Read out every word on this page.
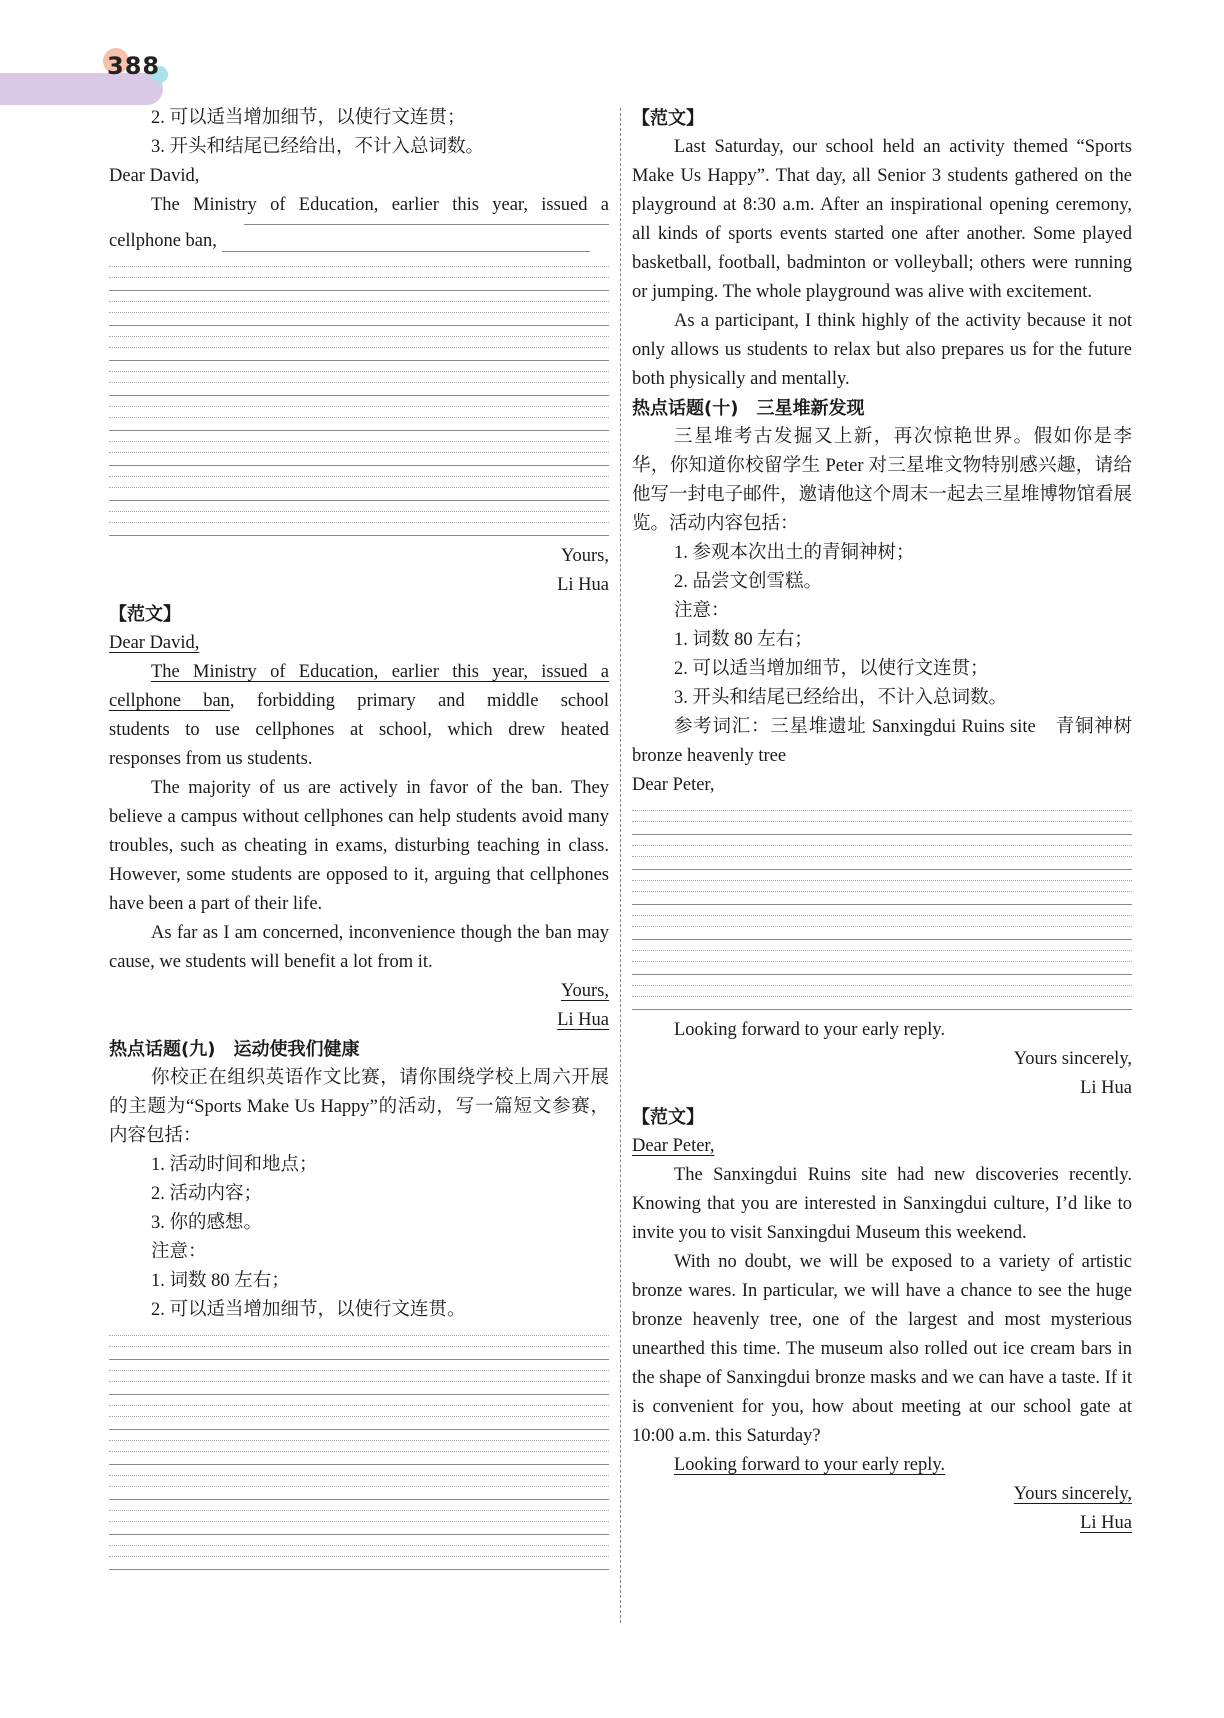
388

2. 可以适当增加细节，以使行文连贯；

3. 开头和结尾已经给出，不计入总词数。

Dear David,

The Ministry of Education, earlier this year, issued a

cellphone ban,

Yours,

Li Hua

【范文】

Dear David,

The Ministry of Education, earlier this year, issued a

cellphone ban, forbidding primary and middle school

students to use cellphones at school, which drew heated

responses from us students.

The majority of us are actively in favor of the ban. They believe a campus without cellphones can help students avoid many troubles, such as cheating in exams, disturbing teaching in class. However, some students are opposed to it, arguing that cellphones have been a part of their life.

As far as I am concerned, inconvenience though the ban may cause, we students will benefit a lot from it.

Yours,

Li Hua

热点话题(九)　运动使我们健康

你校正在组织英语作文比赛，请你围绕学校上周六开展的主题为“Sports Make Us Happy”的活动，写一篇短文参赛，内容包括：

1. 活动时间和地点；

2. 活动内容；

3. 你的感想。

注意：

1. 词数 80 左右；

2. 可以适当增加细节，以使行文连贯。

【范文】

Last Saturday, our school held an activity themed “Sports Make Us Happy”. That day, all Senior 3 students gathered on the playground at 8:30 a.m. After an inspirational opening ceremony, all kinds of sports events started one after another. Some played basketball, football, badminton or volleyball; others were running or jumping. The whole playground was alive with excitement.

As a participant, I think highly of the activity because it not only allows us students to relax but also prepares us for the future both physically and mentally.

热点话题(十)　三星堆新发现

三星堆考古发掘又上新，再次惊艳世界。假如你是李华，你知道你校留学生 Peter 对三星堆文物特别感兴趣，请给他写一封电子邮件，邀请他这个周末一起去三星堆博物馆看展览。活动内容包括：

1. 参观本次出土的青铜神树；

2. 品尝文创雪糕。

注意：

1. 词数 80 左右；

2. 可以适当增加细节，以使行文连贯；

3. 开头和结尾已经给出，不计入总词数。

参考词汇：三星堆遗址 Sanxingdui Ruins site　青铜神树 bronze heavenly tree

Dear Peter,

Looking forward to your early reply.

Yours sincerely,

Li Hua

【范文】

Dear Peter,

The Sanxingdui Ruins site had new discoveries recently. Knowing that you are interested in Sanxingdui culture, I’d like to invite you to visit Sanxingdui Museum this weekend.

With no doubt, we will be exposed to a variety of artistic bronze wares. In particular, we will have a chance to see the huge bronze heavenly tree, one of the largest and most mysterious unearthed this time. The museum also rolled out ice cream bars in the shape of Sanxingdui bronze masks and we can have a taste. If it is convenient for you, how about meeting at our school gate at 10:00 a.m. this Saturday?

Looking forward to your early reply.

Yours sincerely,

Li Hua
